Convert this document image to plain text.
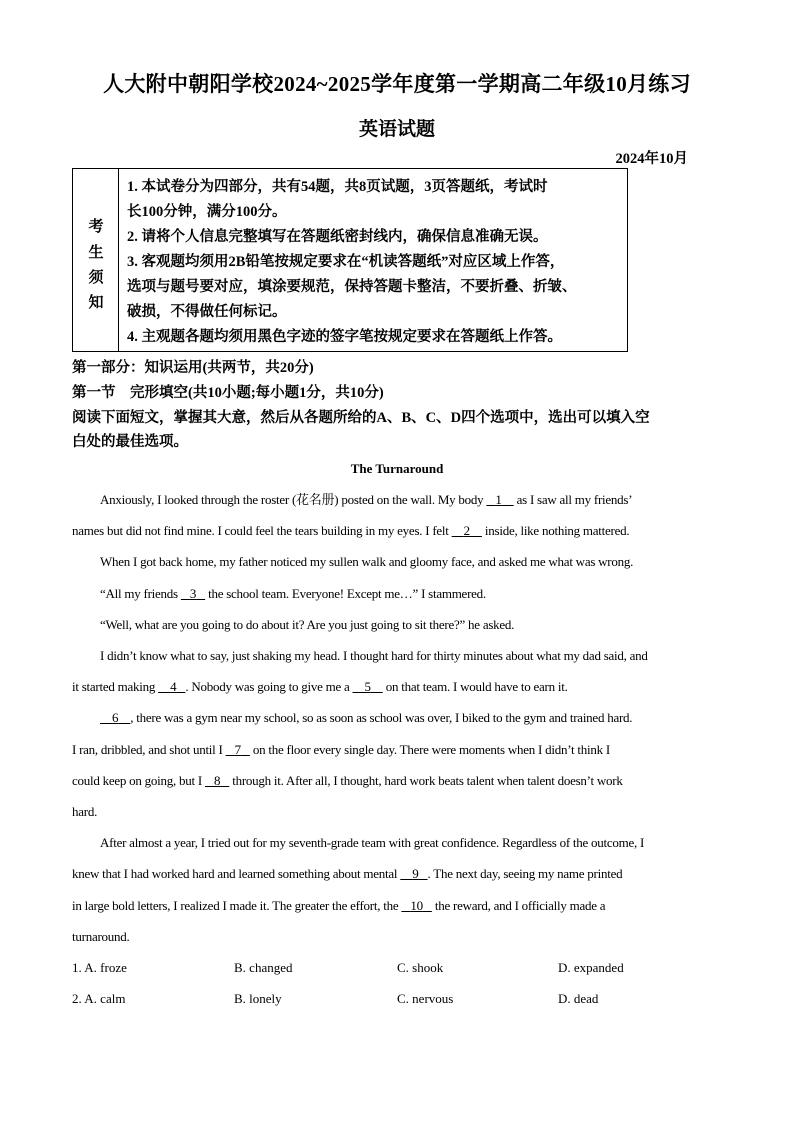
人大附中朝阳学校2024~2025学年度第一学期高二年级10月练习
英语试题
2024年10月
考
生
须
知
1. 本试卷分为四部分，共有54题，共8页试题，3页答题纸，考试时
长100分钟，满分100分。
2. 请将个人信息完整填写在答题纸密封线内，确保信息准确无误。
3. 客观题均须用2B铅笔按规定要求在“机读答题纸”对应区域上作答，
选项与题号要对应，填涂要规范，保持答题卡整洁，不要折叠、折皱、
破损，不得做任何标记。
4. 主观题各题均须用黑色字迹的签字笔按规定要求在答题纸上作答。
第一部分：知识运用(共两节，共20分)
第一节　完形填空(共10小题;每小题1分，共10分)
阅读下面短文，掌握其大意，然后从各题所给的A、B、C、D四个选项中，选出可以填入空
白处的最佳选项。
The Turnaround
Anxiously, I looked through the roster (花名册) posted on the wall. My body    1     as I saw all my friends’
names but did not find mine. I could feel the tears building in my eyes. I felt     2     inside, like nothing mattered.
When I got back home, my father noticed my sullen walk and gloomy face, and asked me what was wrong.
“All my friends    3    the school team. Everyone! Except me…” I stammered.
“Well, what are you going to do about it? Are you just going to sit there?” he asked.
I didn’t know what to say, just shaking my head. I thought hard for thirty minutes about what my dad said, and
it started making     4 . Nobody was going to give me a     5     on that team. I would have to earn it.
6 , there was a gym near my school, so as soon as school was over, I biked to the gym and trained hard.
I ran, dribbled, and shot until I    7    on the floor every single day. There were moments when I didn’t think I
could keep on going, but I    8    through it. After all, I thought, hard work beats talent when talent doesn’t work
hard.
After almost a year, I tried out for my seventh-grade team with great confidence. Regardless of the outcome, I
knew that I had worked hard and learned something about mental     9 . The next day, seeing my name printed
in large bold letters, I realized I made it. The greater the effort, the    10    the reward, and I officially made a
turnaround.
1. A. froze	B. changed	C. shook	D. expanded
2. A. calm	B. lonely	C. nervous	D. dead
